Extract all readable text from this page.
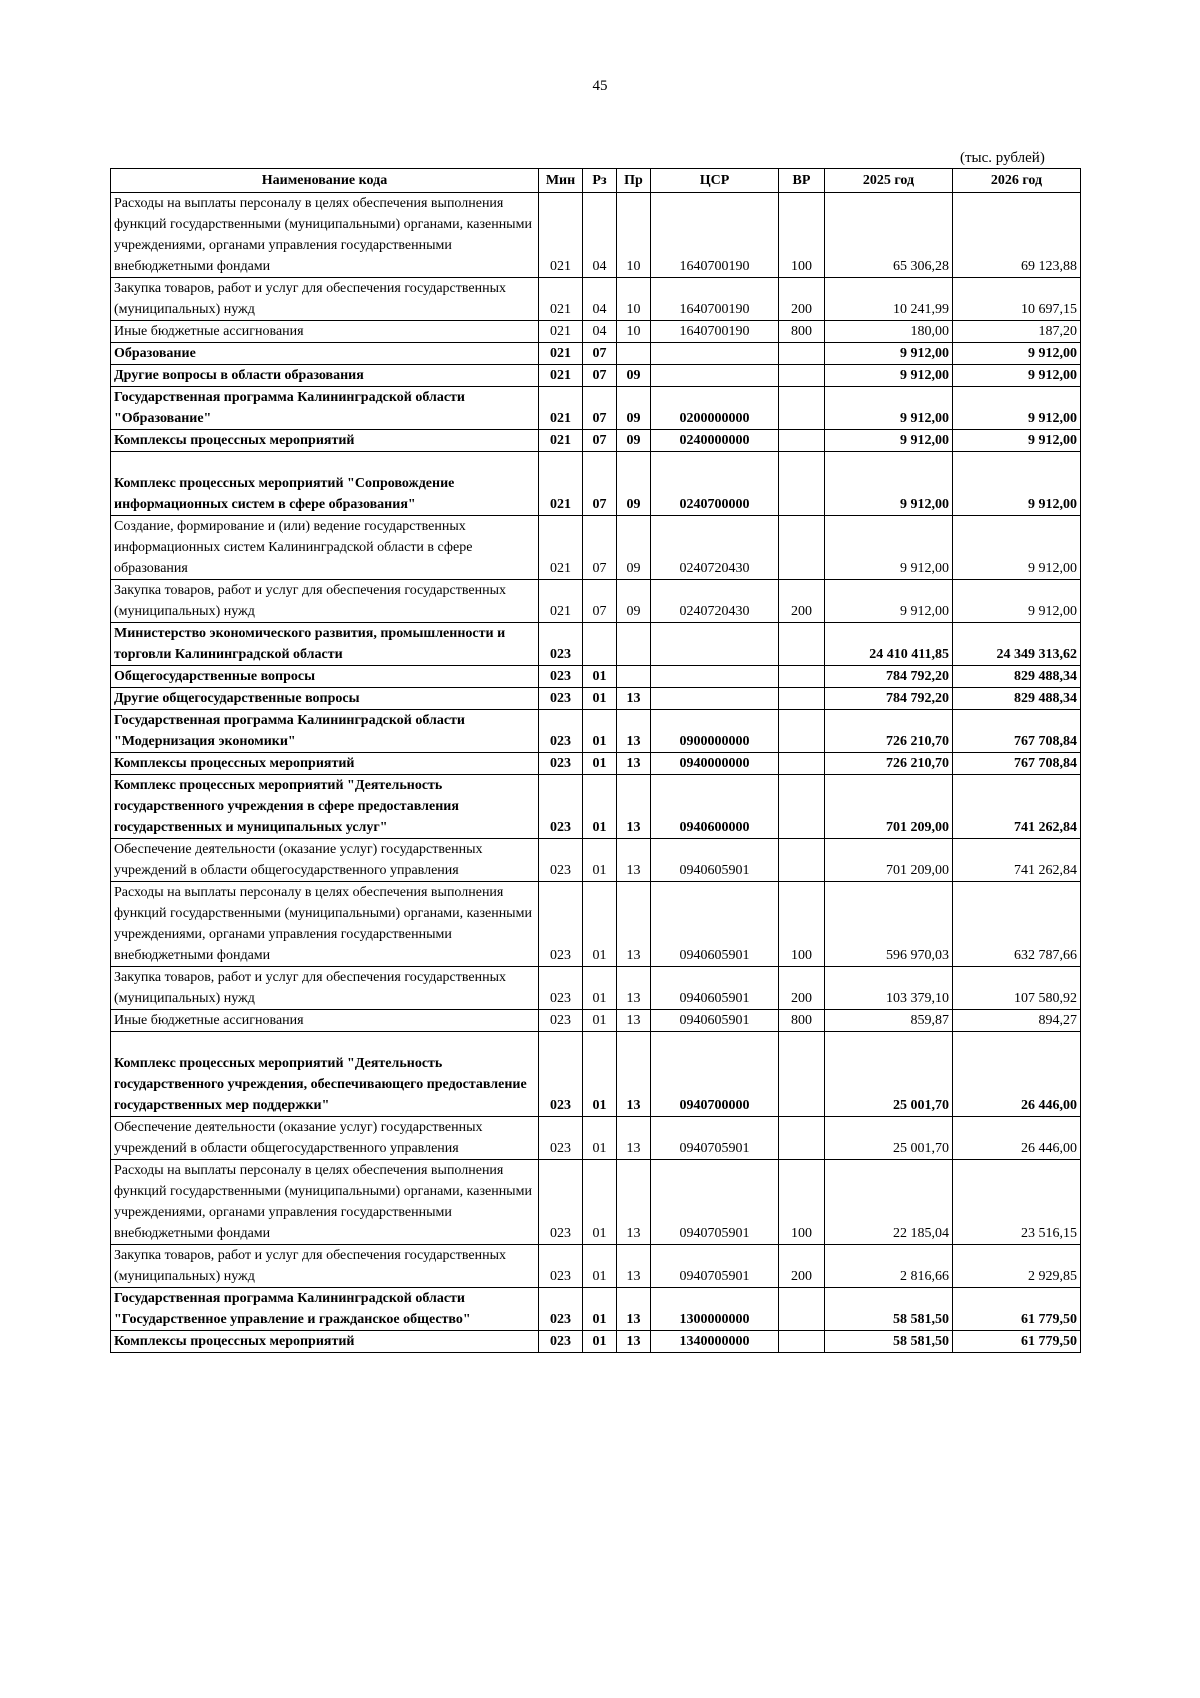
45
(тыс. рублей)
Наименование кода	Мин	Рз	Пр	ЦСР	ВР	2025 год	2026 год
Расходы на выплаты персоналу в целях обеспечения выполнения функций государственными (муниципальными) органами, казенными учреждениями, органами управления государственными внебюджетными фондами	021	04	10	1640700190	100	65 306,28	69 123,88
Закупка товаров, работ и услуг для обеспечения государственных (муниципальных) нужд	021	04	10	1640700190	200	10 241,99	10 697,15
Иные бюджетные ассигнования	021	04	10	1640700190	800	180,00	187,20
Образование	021	07				9 912,00	9 912,00
Другие вопросы в области образования	021	07	09			9 912,00	9 912,00
Государственная программа Калининградской области "Образование"	021	07	09	0200000000		9 912,00	9 912,00
Комплексы процессных мероприятий	021	07	09	0240000000		9 912,00	9 912,00
Комплекс процессных мероприятий "Сопровождение информационных систем в сфере образования"	021	07	09	0240700000		9 912,00	9 912,00
Создание, формирование и (или) ведение государственных информационных систем Калининградской области в сфере образования	021	07	09	0240720430		9 912,00	9 912,00
Закупка товаров, работ и услуг для обеспечения государственных (муниципальных) нужд	021	07	09	0240720430	200	9 912,00	9 912,00
Министерство экономического развития, промышленности и торговли Калининградской области	023					24 410 411,85	24 349 313,62
Общегосударственные вопросы	023	01				784 792,20	829 488,34
Другие общегосударственные вопросы	023	01	13			784 792,20	829 488,34
Государственная программа Калининградской области "Модернизация экономики"	023	01	13	0900000000		726 210,70	767 708,84
Комплексы процессных мероприятий	023	01	13	0940000000		726 210,70	767 708,84
Комплекс процессных мероприятий "Деятельность государственного учреждения в сфере предоставления государственных и муниципальных услуг"	023	01	13	0940600000		701 209,00	741 262,84
Обеспечение деятельности (оказание услуг) государственных учреждений в области общегосударственного управления	023	01	13	0940605901		701 209,00	741 262,84
Расходы на выплаты персоналу в целях обеспечения выполнения функций государственными (муниципальными) органами, казенными учреждениями, органами управления государственными внебюджетными фондами	023	01	13	0940605901	100	596 970,03	632 787,66
Закупка товаров, работ и услуг для обеспечения государственных (муниципальных) нужд	023	01	13	0940605901	200	103 379,10	107 580,92
Иные бюджетные ассигнования	023	01	13	0940605901	800	859,87	894,27
Комплекс процессных мероприятий "Деятельность государственного учреждения, обеспечивающего предоставление государственных мер поддержки"	023	01	13	0940700000		25 001,70	26 446,00
Обеспечение деятельности (оказание услуг) государственных учреждений в области общегосударственного управления	023	01	13	0940705901		25 001,70	26 446,00
Расходы на выплаты персоналу в целях обеспечения выполнения функций государственными (муниципальными) органами, казенными учреждениями, органами управления государственными внебюджетными фондами	023	01	13	0940705901	100	22 185,04	23 516,15
Закупка товаров, работ и услуг для обеспечения государственных (муниципальных) нужд	023	01	13	0940705901	200	2 816,66	2 929,85
Государственная программа Калининградской области "Государственное управление и гражданское общество"	023	01	13	1300000000		58 581,50	61 779,50
Комплексы процессных мероприятий	023	01	13	1340000000		58 581,50	61 779,50
